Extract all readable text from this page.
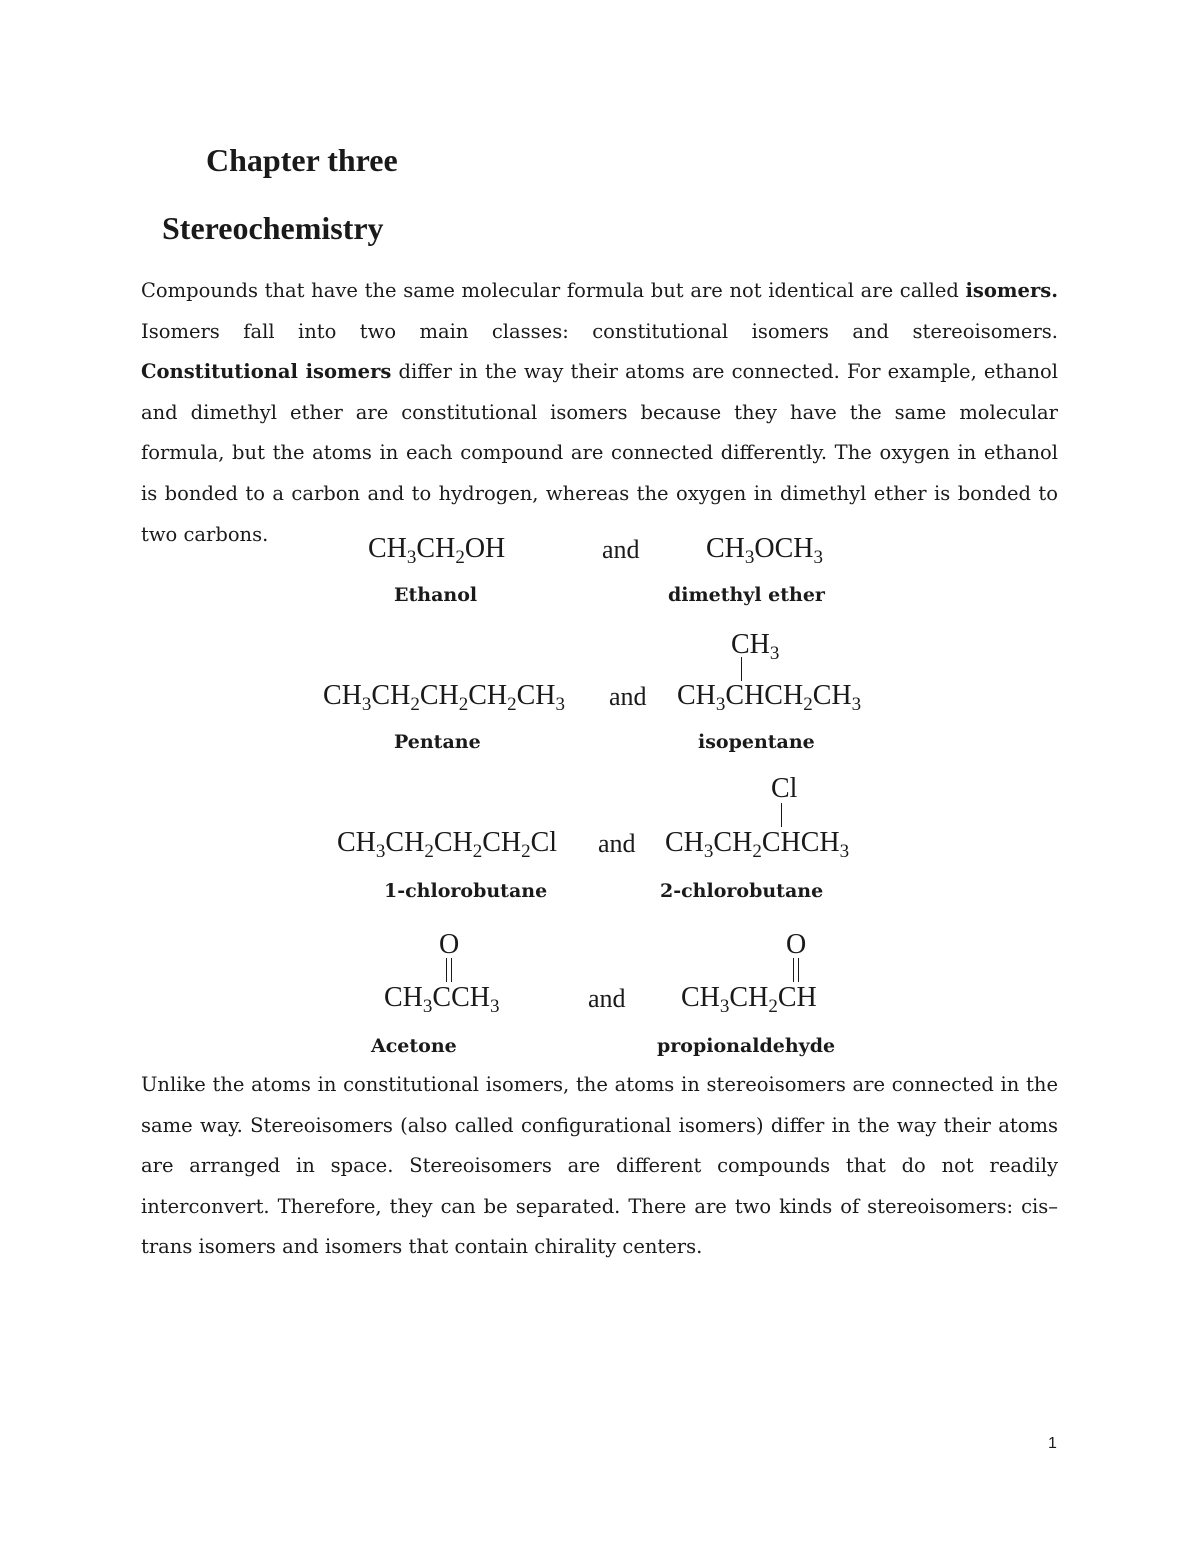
Chapter three
Stereochemistry

Compounds that have the same molecular formula but are not identical are called isomers. Isomers fall into two main classes: constitutional isomers and stereoisomers. Constitutional isomers differ in the way their atoms are connected. For example, ethanol and dimethyl ether are constitutional isomers because they have the same molecular formula, but the atoms in each compound are connected differently. The oxygen in ethanol is bonded to a carbon and to hydrogen, whereas the oxygen in dimethyl ether is bonded to two carbons.	$CH_3CH_2OH$	and $CH_3OCH_3$
Ethanol	dimethyl ether
$CH_3CH_2CH_2CH_2CH_3$ and
$CH_3$
$CH_3CHCH_2CH_3$
Pentane	isopentane
$CH_3CH_2CH_2CH_2Cl$ and
Cl
$CH_3CH_2CHCH_3$
1-chlorobutane	2-chlorobutane
O
$CH_3CCH_3$	and
O
$CH_3CH_2CH$
Acetone	propionaldehyde

Unlike the atoms in constitutional isomers, the atoms in stereoisomers are connected in the same way. Stereoisomers (also called configurational isomers) differ in the way their atoms are arranged in space. Stereoisomers are different compounds that do not readily interconvert. Therefore, they can be separated. There are two kinds of stereoisomers: cis–trans isomers and isomers that contain chirality centers.

1
